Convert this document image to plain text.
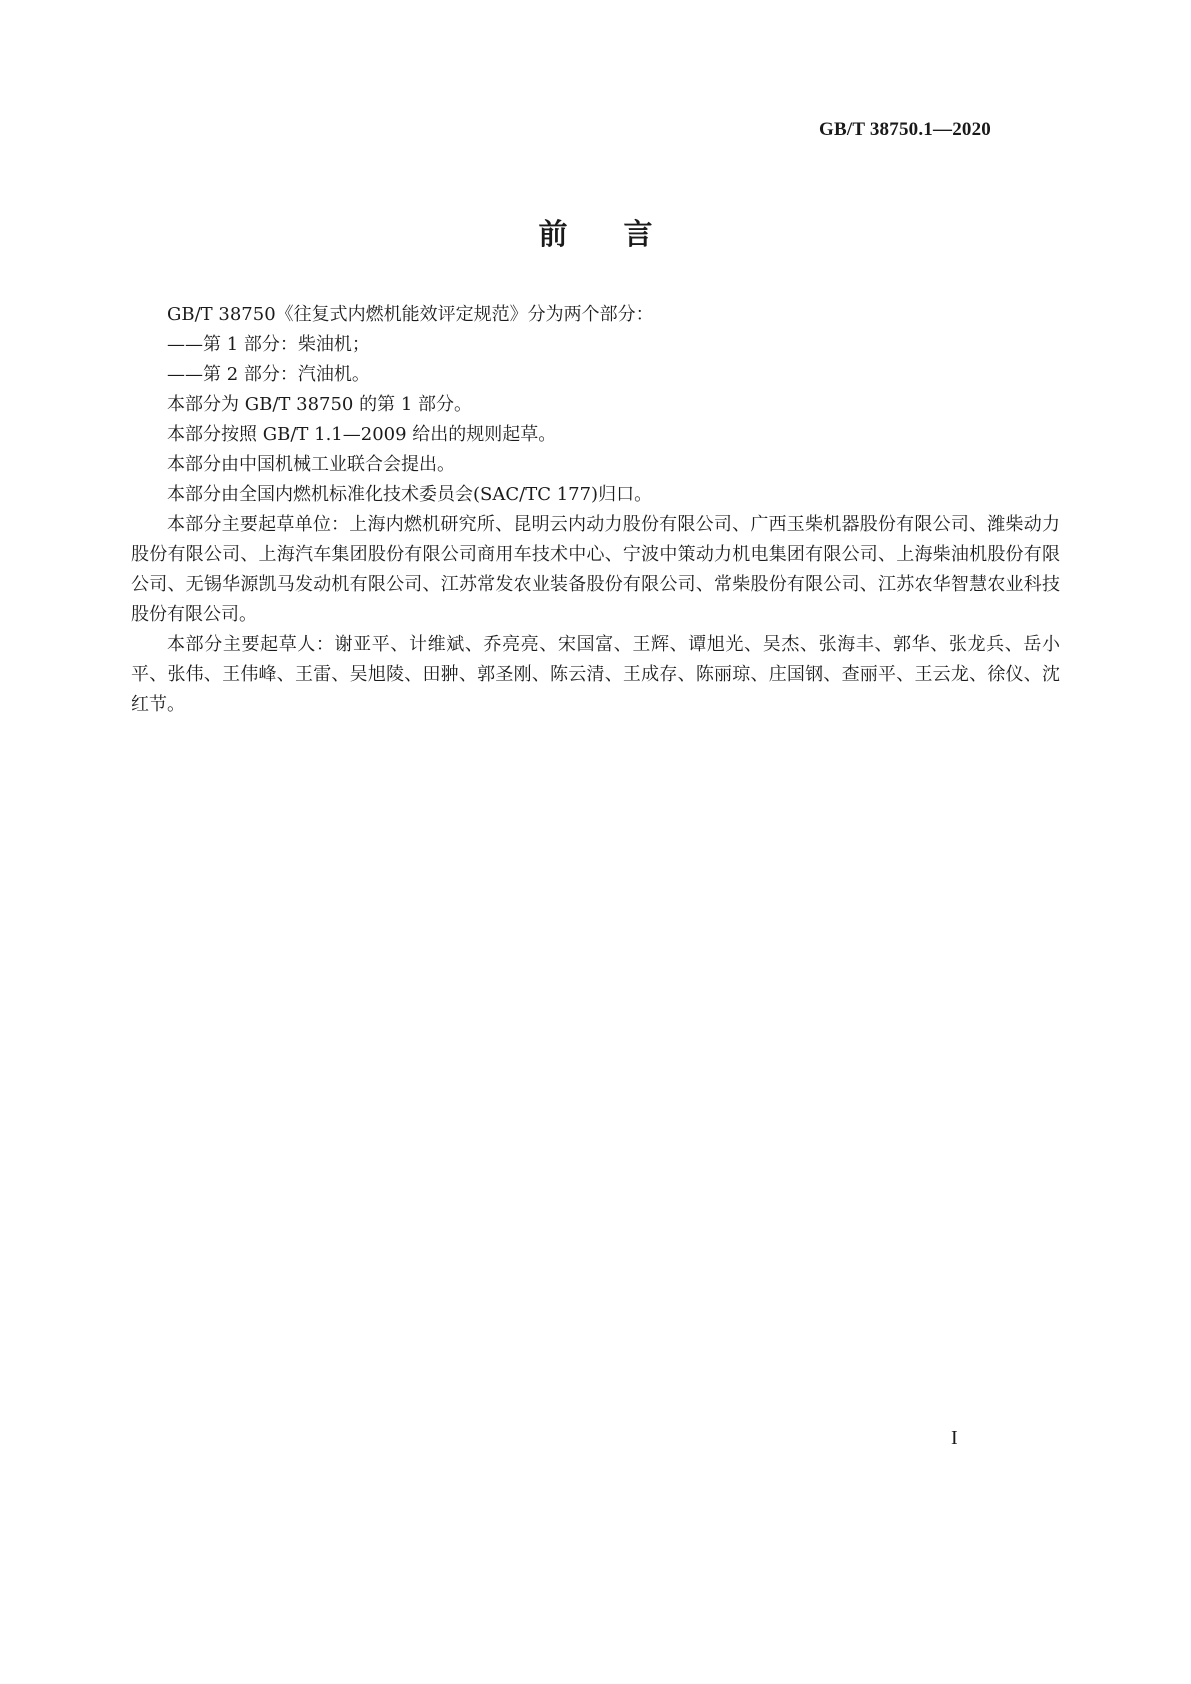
GB/T 38750.1—2020
前言

GB/T 38750《往复式内燃机能效评定规范》分为两个部分：

——第 1 部分：柴油机；

——第 2 部分：汽油机。

本部分为 GB/T 38750 的第 1 部分。

本部分按照 GB/T 1.1—2009 给出的规则起草。

本部分由中国机械工业联合会提出。

本部分由全国内燃机标准化技术委员会(SAC/TC 177)归口。

本部分主要起草单位：上海内燃机研究所、昆明云内动力股份有限公司、广西玉柴机器股份有限公司、潍柴动力股份有限公司、上海汽车集团股份有限公司商用车技术中心、宁波中策动力机电集团有限公司、上海柴油机股份有限公司、无锡华源凯马发动机有限公司、江苏常发农业装备股份有限公司、常柴股份有限公司、江苏农华智慧农业科技股份有限公司。

本部分主要起草人：谢亚平、计维斌、乔亮亮、宋国富、王辉、谭旭光、吴杰、张海丰、郭华、张龙兵、岳小平、张伟、王伟峰、王雷、吴旭陵、田翀、郭圣刚、陈云清、王成存、陈丽琼、庄国钢、查丽平、王云龙、徐仪、沈红节。

I
